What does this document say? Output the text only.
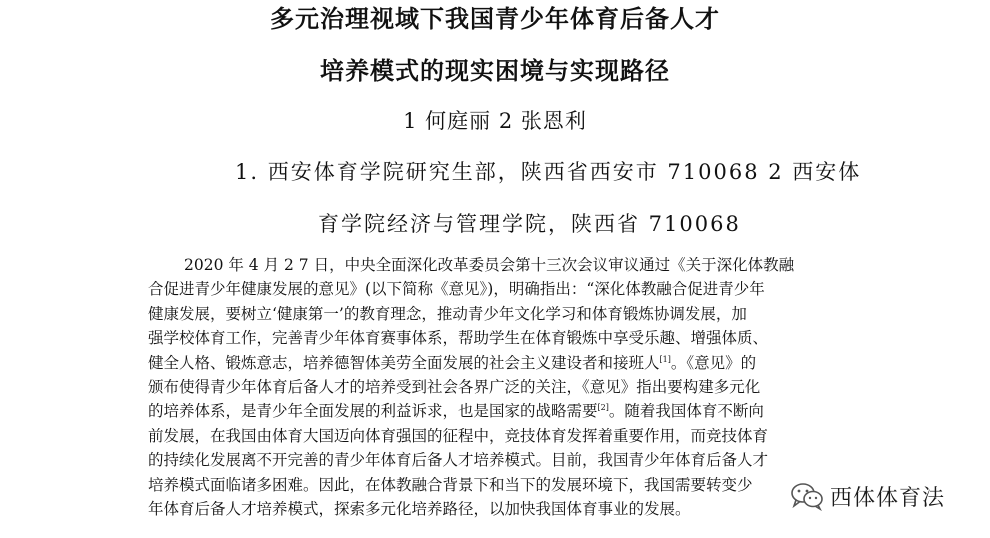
多元治理视域下我国青少年体育后备人才
培养模式的现实困境与实现路径
1 何庭丽 2 张恩利
1. 西安体育学院研究生部，陕西省西安市 710068 2 西安体
育学院经济与管理学院，陕西省 710068
2020 年 4 月 2 7 日，中央全面深化改革委员会第十三次会议审议通过《关于深化体教融
合促进青少年健康发展的意见》(以下简称《意见》)，明确指出：“深化体教融合促进青少年
健康发展，要树立‘健康第一’的教育理念，推动青少年文化学习和体育锻炼协调发展，加
强学校体育工作，完善青少年体育赛事体系，帮助学生在体育锻炼中享受乐趣、增强体质、
健全人格、锻炼意志，培养德智体美劳全面发展的社会主义建设者和接班人[1]。《意见》的
颁布使得青少年体育后备人才的培养受到社会各界广泛的关注，《意见》指出要构建多元化
的培养体系，是青少年全面发展的利益诉求，也是国家的战略需要[2]。随着我国体育不断向
前发展，在我国由体育大国迈向体育强国的征程中，竞技体育发挥着重要作用，而竞技体育
的持续化发展离不开完善的青少年体育后备人才培养模式。目前，我国青少年体育后备人才
培养模式面临诸多困难。因此，在体教融合背景下和当下的发展环境下，我国需要转变少
年体育后备人才培养模式，探索多元化培养路径，以加快我国体育事业的发展。	西体体育法
